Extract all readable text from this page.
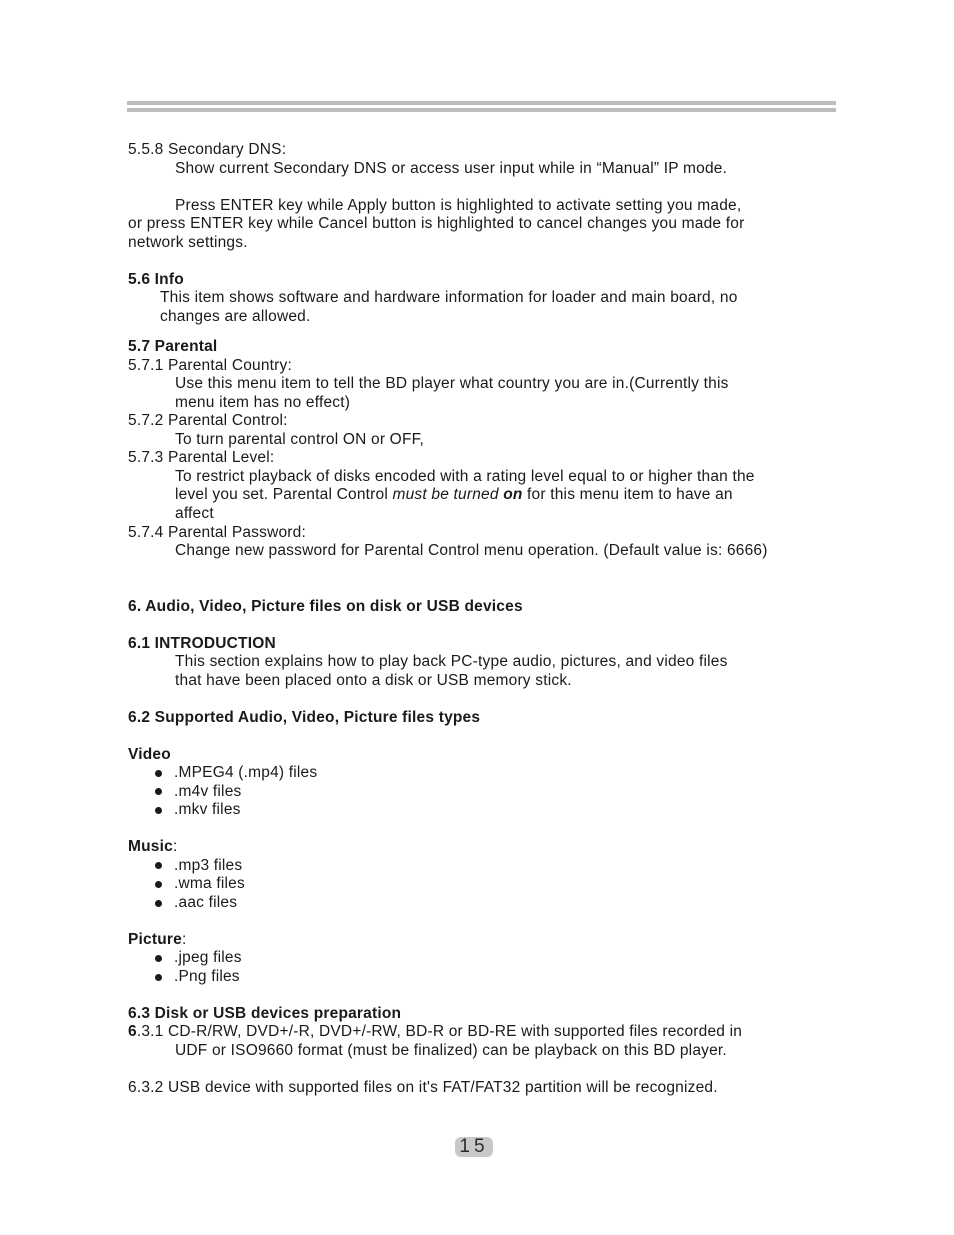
5.5.8 Secondary DNS:
Show current Secondary DNS or access user input while in “Manual” IP mode.
Press ENTER key while Apply button is highlighted to activate setting you made,
or press ENTER key while Cancel button is highlighted to cancel changes you made for
network settings.
5.6 Info
This item shows software and hardware information for loader and main board, no
changes are allowed.
5.7 Parental
5.7.1 Parental Country:
Use this menu item to tell the BD player what country you are in.(Currently this
menu item has no effect)
5.7.2 Parental Control:
To turn parental control ON or OFF,
5.7.3 Parental Level:
To restrict playback of disks encoded with a rating level equal to or higher than the
level you set. Parental Control must be turned on for this menu item to have an
affect
5.7.4 Parental Password:
Change new password for Parental Control menu operation. (Default value is: 6666)
6. Audio, Video, Picture files on disk or USB devices
6.1 INTRODUCTION
This section explains how to play back PC-type audio, pictures, and video files
that have been placed onto a disk or USB memory stick.
6.2 Supported Audio, Video, Picture files types
Video
.MPEG4 (.mp4) files
.m4v files
.mkv files
Music:
.mp3 files
.wma files
.aac files
Picture:
.jpeg files
.Png files
6.3 Disk or USB devices preparation
6.3.1 CD-R/RW, DVD+/-R, DVD+/-RW, BD-R or BD-RE with supported files recorded in
UDF or ISO9660 format (must be finalized) can be playback on this BD player.
6.3.2 USB device with supported files on it's FAT/FAT32 partition will be recognized.
15
